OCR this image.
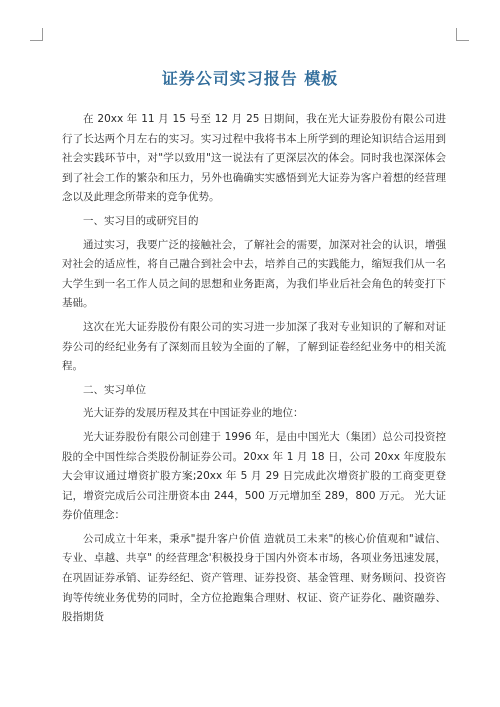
证券公司实习报告 模板

在 20xx 年 11 月 15 号至 12 月 25 日期间，我在光大证券股份有限公司进行了长达两个月左右的实习。实习过程中我将书本上所学到的理论知识结合运用到社会实践环节中，对"学以致用"这一说法有了更深层次的体会。同时我也深深体会到了社会工作的繁杂和压力，另外也确确实实感悟到光大证券为客户着想的经营理念以及此理念所带来的竞争优势。

一、实习目的或研究目的

通过实习，我要广泛的接触社会，了解社会的需要，加深对社会的认识，增强对社会的适应性，将自己融合到社会中去，培养自己的实践能力，缩短我们从一名大学生到一名工作人员之间的思想和业务距离，为我们毕业后社会角色的转变打下基础。

这次在光大证券股份有限公司的实习进一步加深了我对专业知识的了解和对证券公司的经纪业务有了深刻而且较为全面的了解，了解到证卷经纪业务中的相关流程。

二、实习单位

光大证券的发展历程及其在中国证券业的地位：

光大证券股份有限公司创建于 1996 年，是由中国光大（集团）总公司投资控股的全中国性综合类股份制证券公司。20xx 年 1 月 18 日，公司 20xx 年度股东大会审议通过增资扩股方案;20xx 年 5 月 29 日完成此次增资扩股的工商变更登记，增资完成后公司注册资本由 244，500 万元增加至 289，800 万元。 光大证券价值理念：

公司成立十年来，秉承"提升客户价值 造就员工未来"的核心价值观和"诚信、专业、卓越、共享" 的经营理念'积极投身于国内外资本市场，各项业务迅速发展，在巩固证券承销、证券经纪、资产管理、证券投资、基金管理、财务顾问、投资咨询等传统业务优势的同时，全方位抢跑集合理财、权证、资产证券化、融资融券、股指期货
